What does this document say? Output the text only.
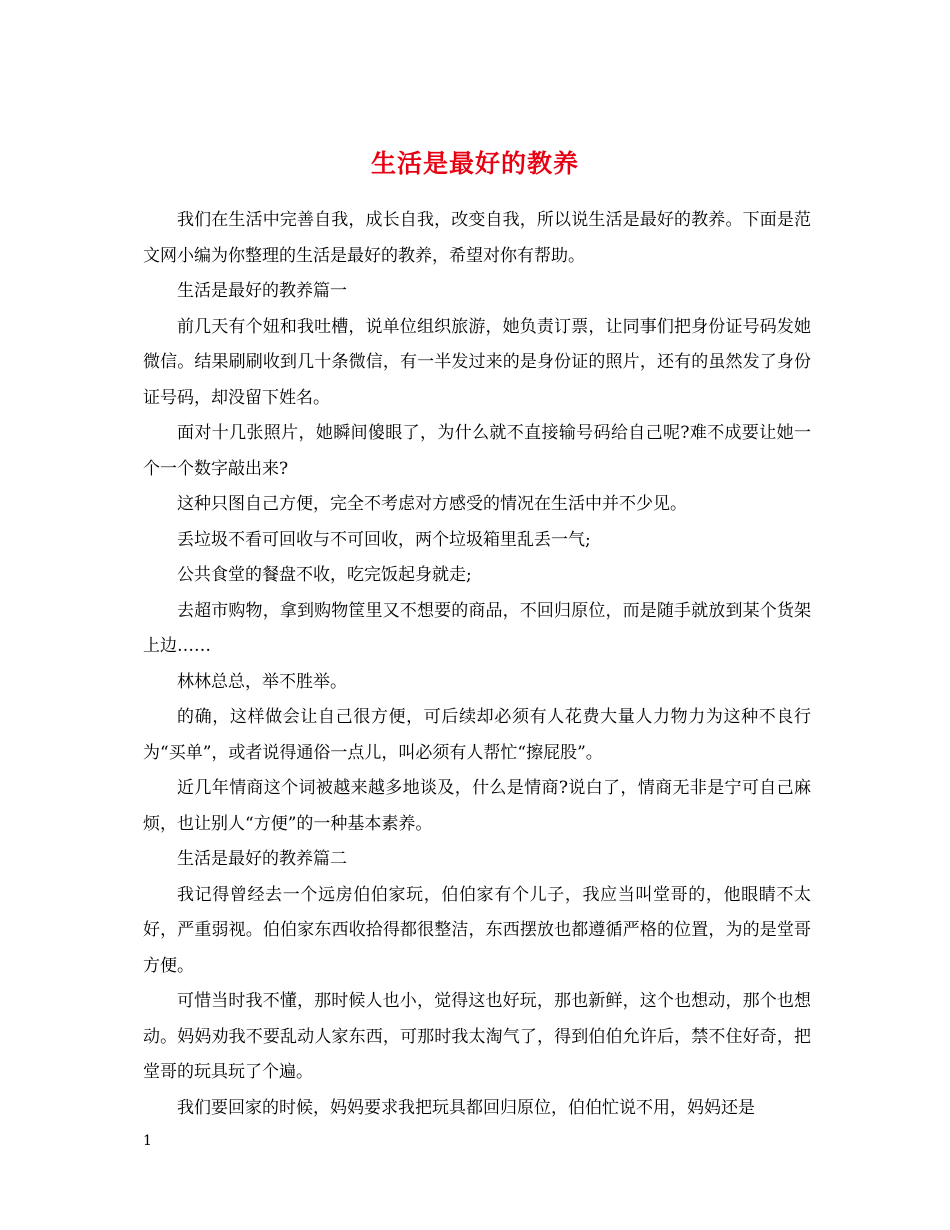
生活是最好的教养

我们在生活中完善自我，成长自我，改变自我，所以说生活是最好的教养。下面是范文网小编为你整理的生活是最好的教养，希望对你有帮助。

生活是最好的教养篇一

前几天有个妞和我吐槽，说单位组织旅游，她负责订票，让同事们把身份证号码发她微信。结果刷刷收到几十条微信，有一半发过来的是身份证的照片，还有的虽然发了身份证号码，却没留下姓名。

面对十几张照片，她瞬间傻眼了，为什么就不直接输号码给自己呢?难不成要让她一个一个数字敲出来?

这种只图自己方便，完全不考虑对方感受的情况在生活中并不少见。

丢垃圾不看可回收与不可回收，两个垃圾箱里乱丢一气;

公共食堂的餐盘不收，吃完饭起身就走;

去超市购物，拿到购物筐里又不想要的商品，不回归原位，而是随手就放到某个货架上边……

林林总总，举不胜举。

的确，这样做会让自己很方便，可后续却必须有人花费大量人力物力为这种不良行为“买单”，或者说得通俗一点儿，叫必须有人帮忙“擦屁股”。

近几年情商这个词被越来越多地谈及，什么是情商?说白了，情商无非是宁可自己麻烦，也让别人“方便”的一种基本素养。

生活是最好的教养篇二

我记得曾经去一个远房伯伯家玩，伯伯家有个儿子，我应当叫堂哥的，他眼睛不太好，严重弱视。伯伯家东西收拾得都很整洁，东西摆放也都遵循严格的位置，为的是堂哥方便。

可惜当时我不懂，那时候人也小，觉得这也好玩，那也新鲜，这个也想动，那个也想动。妈妈劝我不要乱动人家东西，可那时我太淘气了，得到伯伯允许后，禁不住好奇，把堂哥的玩具玩了个遍。

我们要回家的时候，妈妈要求我把玩具都回归原位，伯伯忙说不用，妈妈还是

1
